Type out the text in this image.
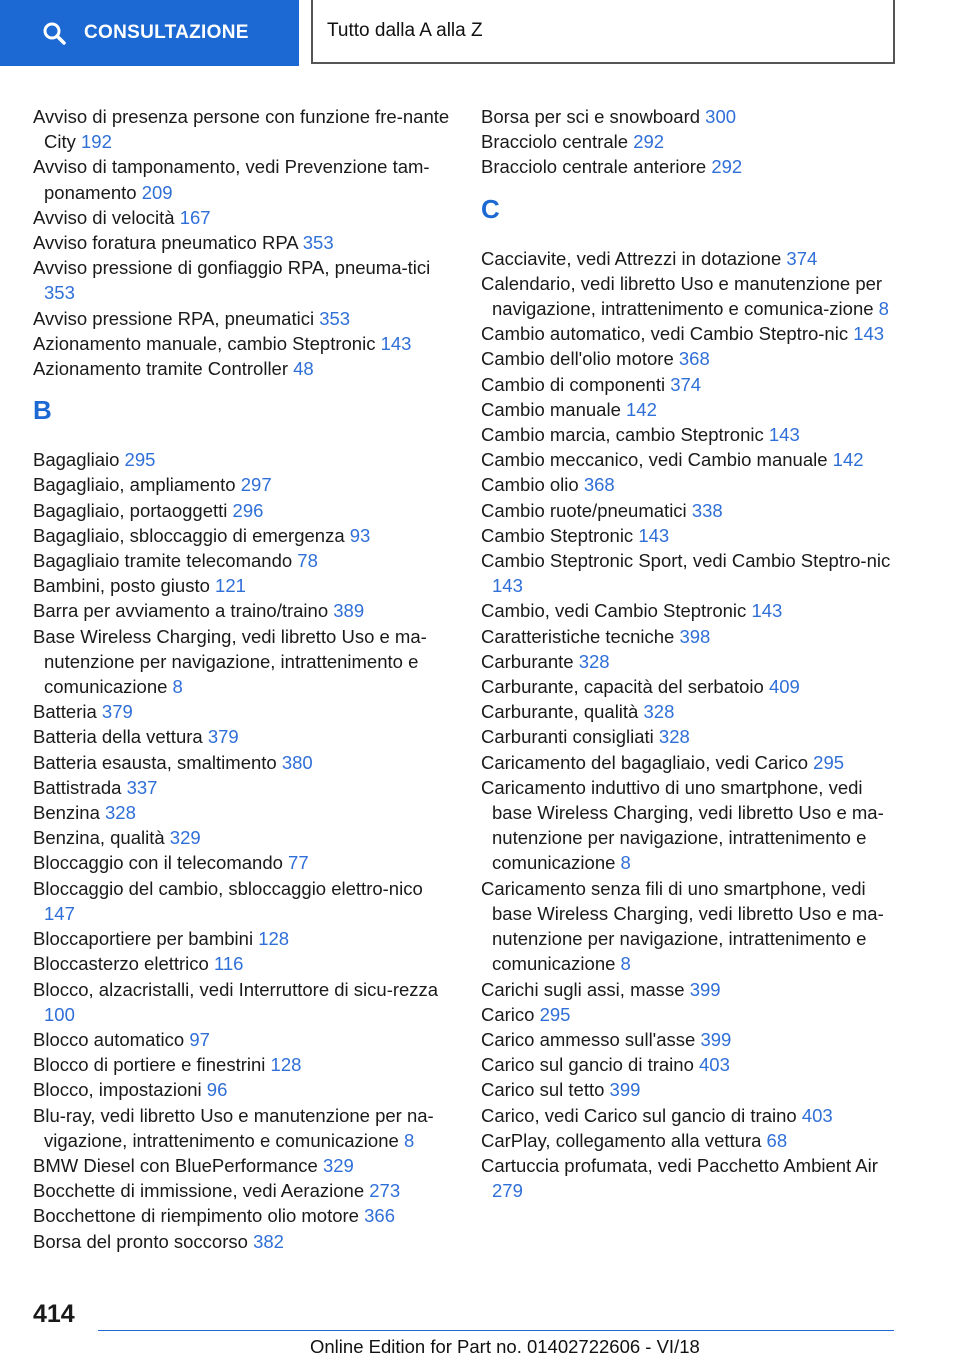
CONSULTAZIONE	Tutto dalla A alla Z

Avviso di presenza persone con funzione fre-nante City 192

Avviso di tamponamento, vedi Prevenzione tam-ponamento 209

Avviso di velocità 167

Avviso foratura pneumatico RPA 353

Avviso pressione di gonfiaggio RPA, pneuma-tici 353

Avviso pressione RPA, pneumatici 353

Azionamento manuale, cambio Steptronic 143

Azionamento tramite Controller 48

B

Bagagliaio 295

Bagagliaio, ampliamento 297

Bagagliaio, portaoggetti 296

Bagagliaio, sbloccaggio di emergenza 93

Bagagliaio tramite telecomando 78

Bambini, posto giusto 121

Barra per avviamento a traino/traino 389

Base Wireless Charging, vedi libretto Uso e ma-nutenzione per navigazione, intrattenimento e comunicazione 8

Batteria 379

Batteria della vettura 379

Batteria esausta, smaltimento 380

Battistrada 337

Benzina 328

Benzina, qualità 329

Bloccaggio con il telecomando 77

Bloccaggio del cambio, sbloccaggio elettro-nico 147

Bloccaportiere per bambini 128

Bloccasterzo elettrico 116

Blocco, alzacristalli, vedi Interruttore di sicu-rezza 100

Blocco automatico 97

Blocco di portiere e finestrini 128

Blocco, impostazioni 96

Blu-ray, vedi libretto Uso e manutenzione per na-vigazione, intrattenimento e comunicazione 8

BMW Diesel con BluePerformance 329

Bocchette di immissione, vedi Aerazione 273

Bocchettone di riempimento olio motore 366

Borsa del pronto soccorso 382

Borsa per sci e snowboard 300

Bracciolo centrale 292

Bracciolo centrale anteriore 292

C

Cacciavite, vedi Attrezzi in dotazione 374

Calendario, vedi libretto Uso e manutenzione per navigazione, intrattenimento e comunica-zione 8

Cambio automatico, vedi Cambio Steptro-nic 143

Cambio dell'olio motore 368

Cambio di componenti 374

Cambio manuale 142

Cambio marcia, cambio Steptronic 143

Cambio meccanico, vedi Cambio manuale 142

Cambio olio 368

Cambio ruote/pneumatici 338

Cambio Steptronic 143

Cambio Steptronic Sport, vedi Cambio Steptro-nic 143

Cambio, vedi Cambio Steptronic 143

Caratteristiche tecniche 398

Carburante 328

Carburante, capacità del serbatoio 409

Carburante, qualità 328

Carburanti consigliati 328

Caricamento del bagagliaio, vedi Carico 295

Caricamento induttivo di uno smartphone, vedi base Wireless Charging, vedi libretto Uso e ma-nutenzione per navigazione, intrattenimento e comunicazione 8

Caricamento senza fili di uno smartphone, vedi base Wireless Charging, vedi libretto Uso e ma-nutenzione per navigazione, intrattenimento e comunicazione 8

Carichi sugli assi, masse 399

Carico 295

Carico ammesso sull'asse 399

Carico sul gancio di traino 403

Carico sul tetto 399

Carico, vedi Carico sul gancio di traino 403

CarPlay, collegamento alla vettura 68

Cartuccia profumata, vedi Pacchetto Ambient Air 279

414
Online Edition for Part no. 01402722606 - VI/18
